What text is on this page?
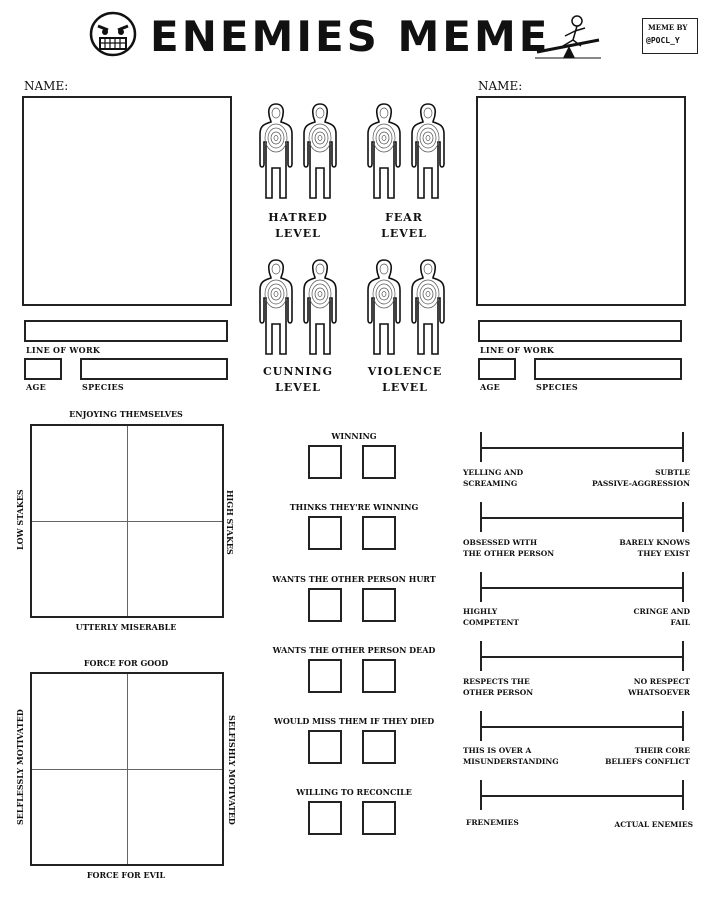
ENEMIES MEME	MEME BY
@POCL_Y
NAME:
LINE OF WORK
AGE	SPECIES
NAME:
LINE OF WORK
AGE	SPECIES
HATRED
LEVEL
FEAR
LEVEL
CUNNING
LEVEL
VIOLENCE
LEVEL
ENJOYING THEMSELVES
UTTERLY MISERABLE
LOW STAKES	HIGH STAKES
FORCE FOR GOOD
FORCE FOR EVIL
SELFLESSLY MOTIVATED	SELFISHLY MOTIVATED
WINNING
THINKS THEY'RE WINNING
WANTS THE OTHER PERSON HURT
WANTS THE OTHER PERSON DEAD
WOULD MISS THEM IF THEY DIED
WILLING TO RECONCILE
YELLING AND
SCREAMING
SUBTLE
PASSIVE-AGGRESSION
OBSESSED WITH
THE OTHER PERSON
BARELY KNOWS
THEY EXIST
HIGHLY
COMPETENT
CRINGE AND
FAIL
RESPECTS THE
OTHER PERSON
NO RESPECT
WHATSOEVER
THIS IS OVER A
MISUNDERSTANDING
THEIR CORE
BELIEFS CONFLICT
FRENEMIES	ACTUAL ENEMIES
